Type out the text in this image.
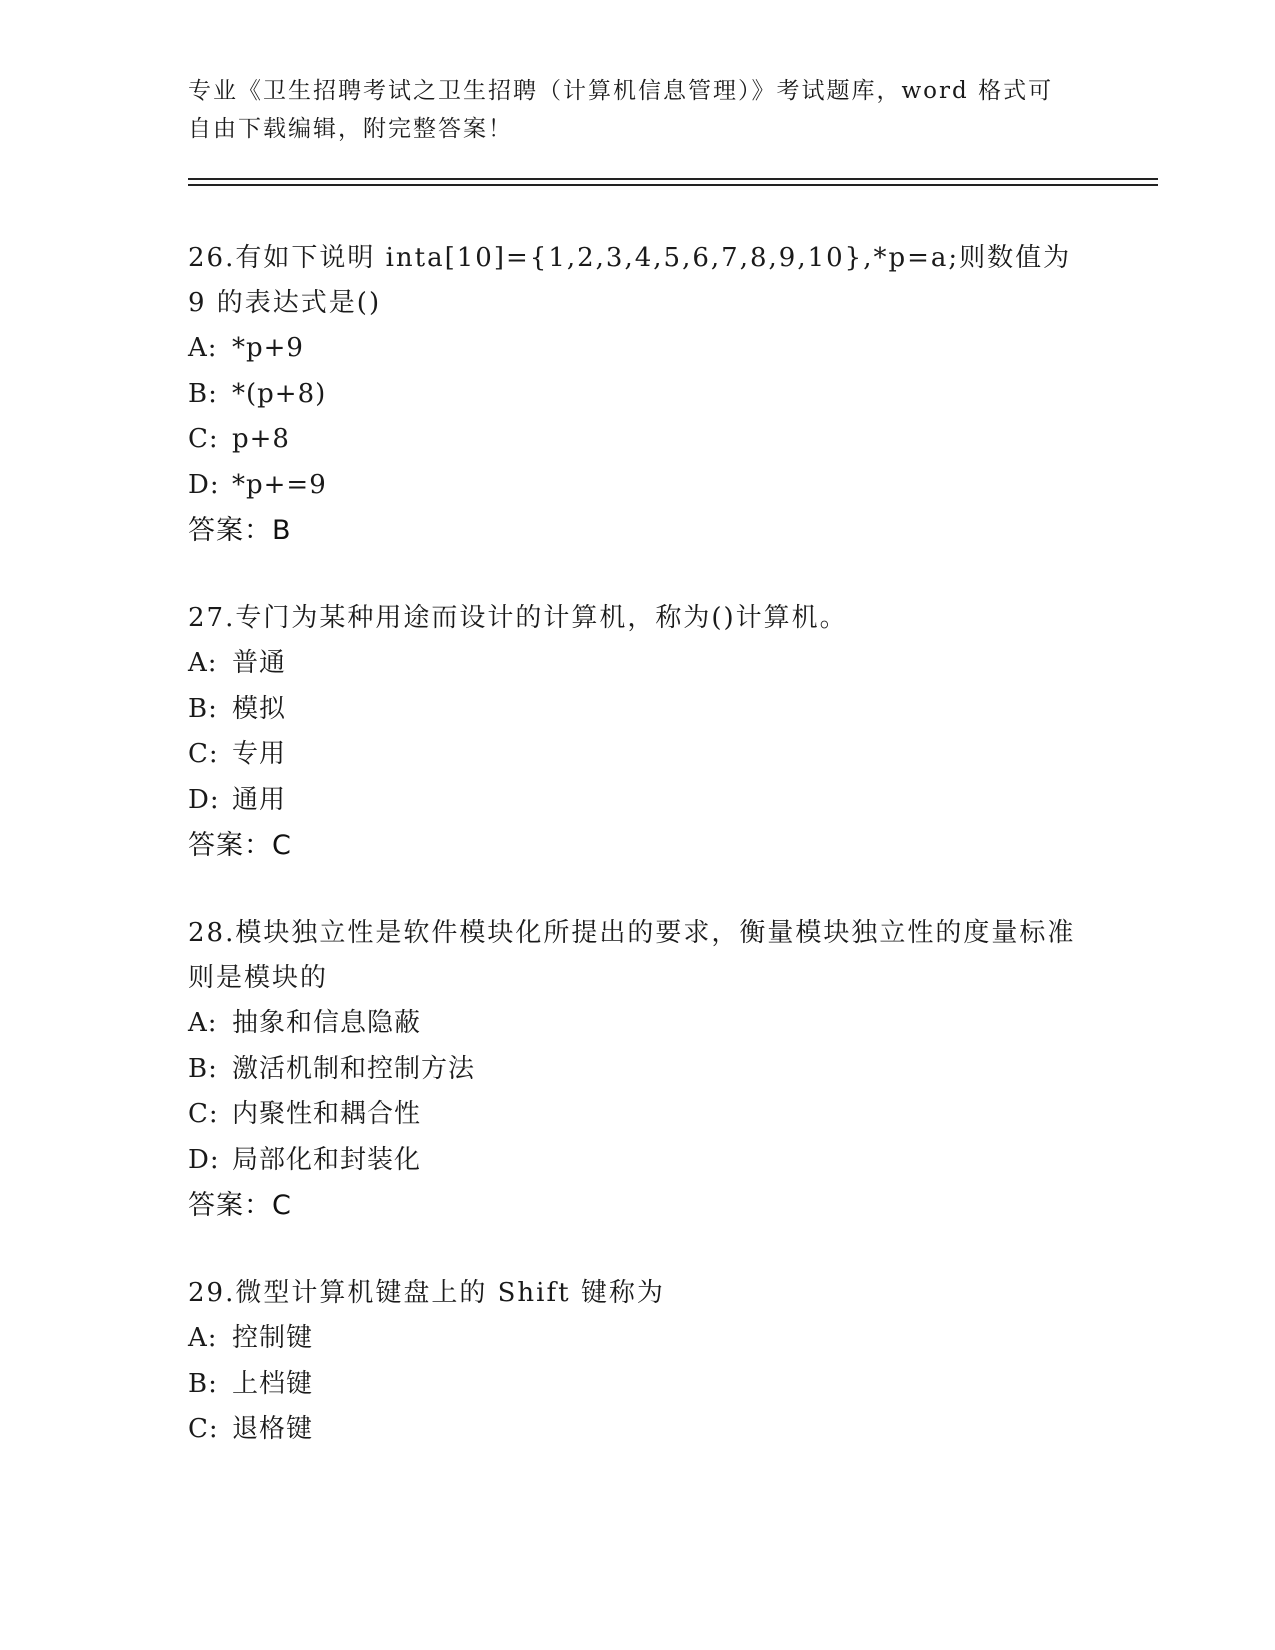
专业《卫生招聘考试之卫生招聘（计算机信息管理）》考试题库，word 格式可自由下载编辑，附完整答案！
26.有如下说明 inta[10]={1,2,3,4,5,6,7,8,9,10},*p=a;则数值为 9 的表达式是()
A: *p+9
B: *(p+8)
C: p+8
D: *p+=9
答案：B
27.专门为某种用途而设计的计算机，称为()计算机。
A: 普通
B: 模拟
C: 专用
D: 通用
答案：C
28.模块独立性是软件模块化所提出的要求，衡量模块独立性的度量标准则是模块的
A: 抽象和信息隐蔽
B: 激活机制和控制方法
C: 内聚性和耦合性
D: 局部化和封装化
答案：C
29.微型计算机键盘上的 Shift 键称为
A: 控制键
B: 上档键
C: 退格键
